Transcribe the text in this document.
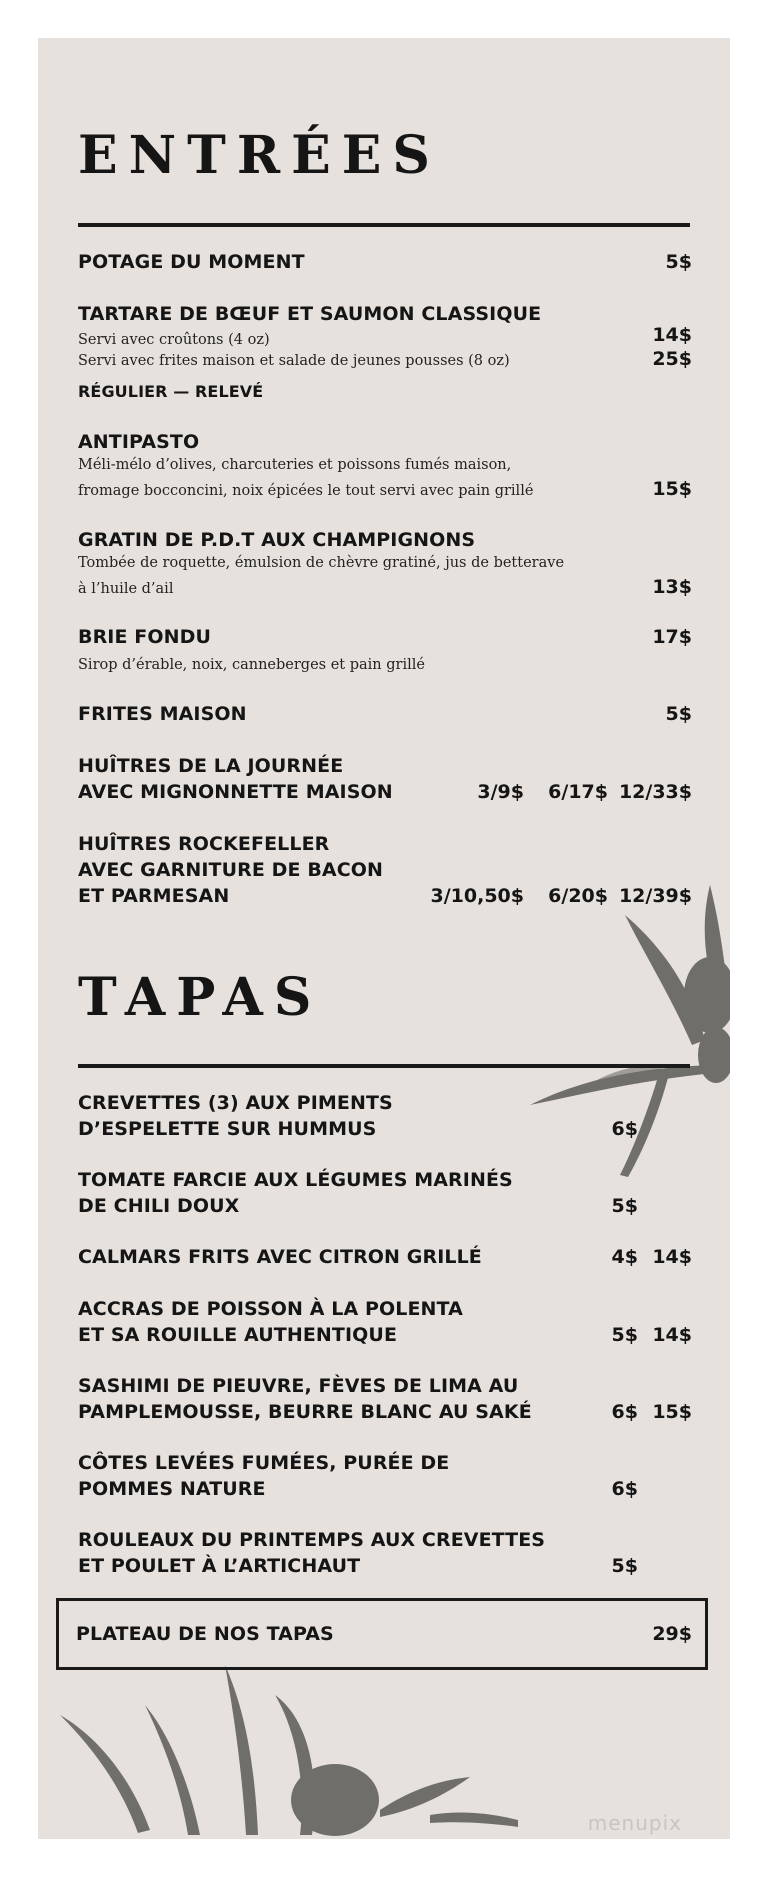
ENTRÉES
POTAGE DU MOMENT	5$
TARTARE DE BŒUF ET SAUMON CLASSIQUE
Servi avec croûtons (4 oz)	14$
Servi avec frites maison et salade de jeunes pousses (8 oz)	25$
RÉGULIER — RELEVÉ
ANTIPASTO
Méli-mélo d’olives, charcuteries et poissons fumés maison,
fromage bocconcini, noix épicées le tout servi avec pain grillé	15$
GRATIN DE P.D.T AUX CHAMPIGNONS
Tombée de roquette, émulsion de chèvre gratiné, jus de betterave
à l’huile d’ail	13$
BRIE FONDU	17$
Sirop d’érable, noix, canneberges et pain grillé
FRITES MAISON	5$
HUÎTRES DE LA JOURNÉE
AVEC MIGNONNETTE MAISON	3/9$ 6/17$ 12/33$
HUÎTRES ROCKEFELLER
AVEC GARNITURE DE BACON
ET PARMESAN	3/10,50$ 6/20$ 12/39$
TAPAS
CREVETTES (3) AUX PIMENTS
D’ESPELETTE SUR HUMMUS	6$
TOMATE FARCIE AUX LÉGUMES MARINÉS
DE CHILI DOUX	5$
CALMARS FRITS AVEC CITRON GRILLÉ	4$ 14$
ACCRAS DE POISSON À LA POLENTA
ET SA ROUILLE AUTHENTIQUE	5$ 14$
SASHIMI DE PIEUVRE, FÈVES DE LIMA AU
PAMPLEMOUSSE, BEURRE BLANC AU SAKÉ	6$ 15$
CÔTES LEVÉES FUMÉES, PURÉE DE
POMMES NATURE	6$
ROULEAUX DU PRINTEMPS AUX CREVETTES
ET POULET À L’ARTICHAUT	5$
PLATEAU DE NOS TAPAS	29$
menupix
